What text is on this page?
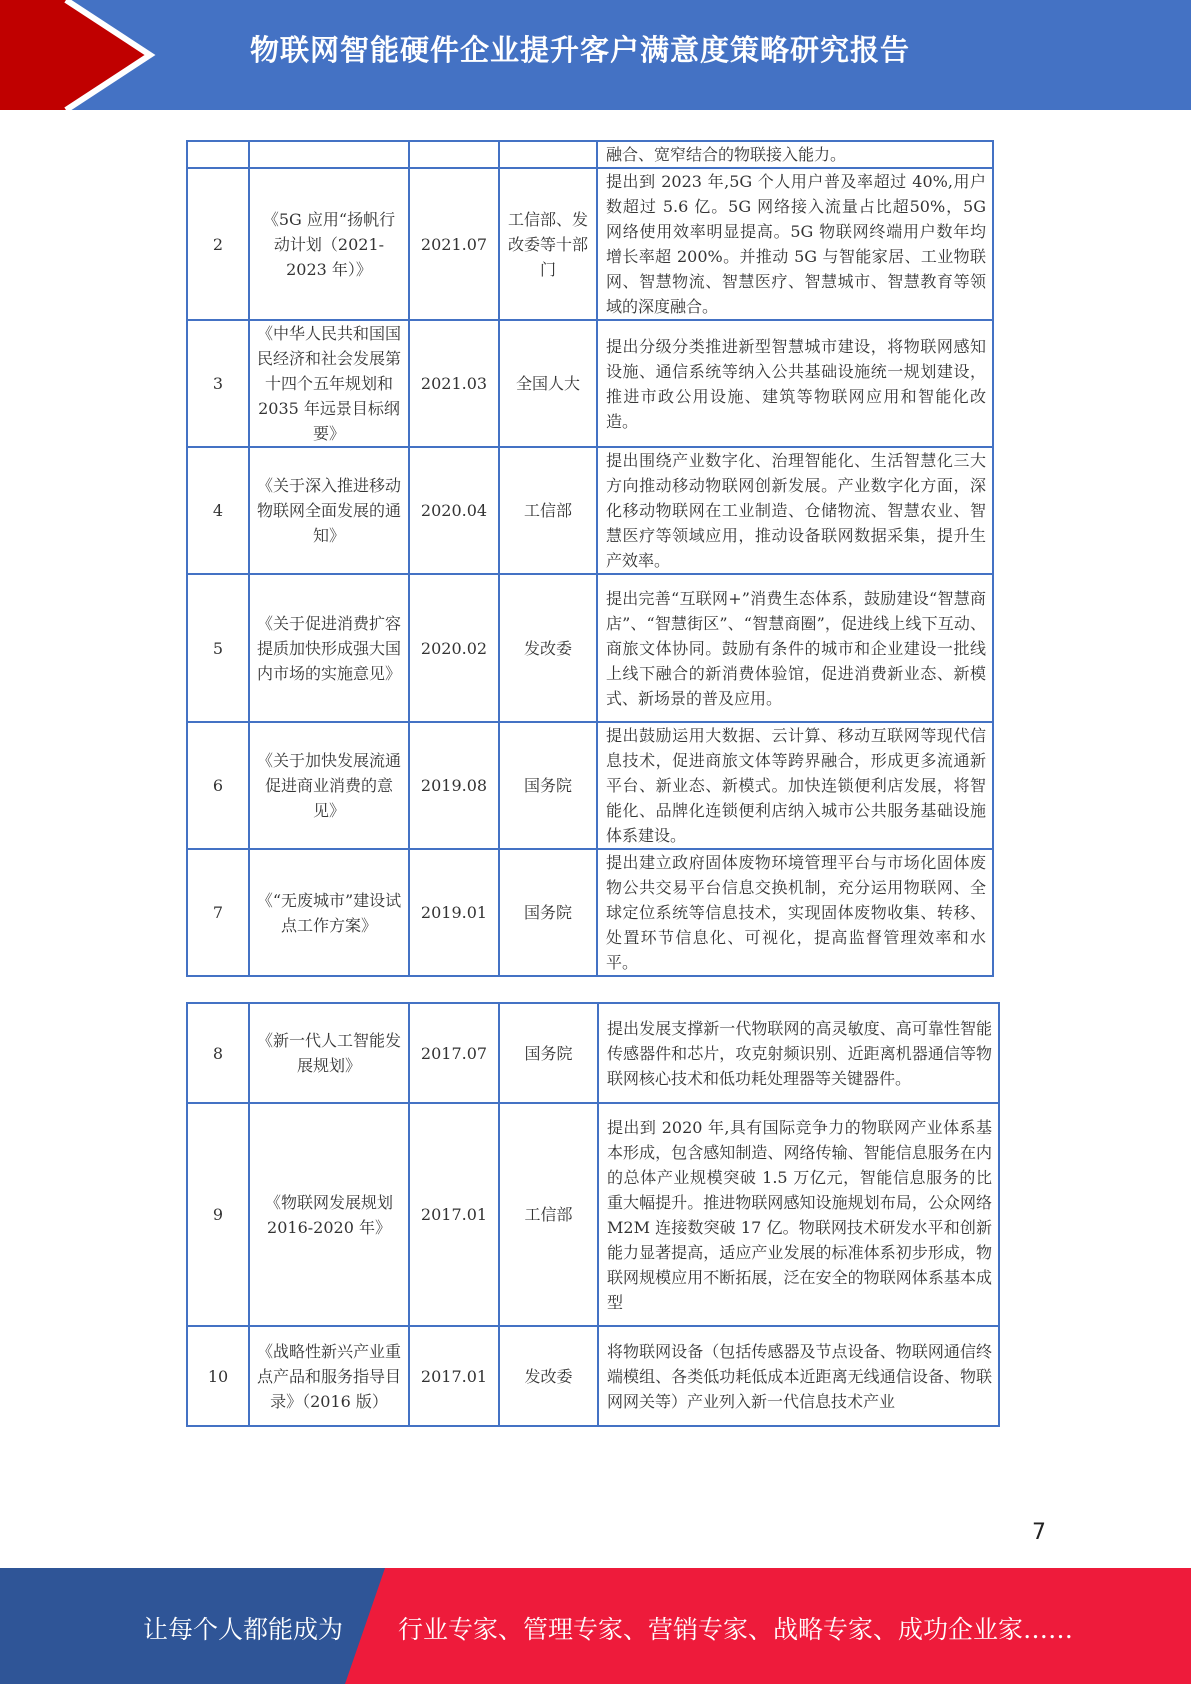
物联网智能硬件企业提升客户满意度策略研究报告
				融合、宽窄结合的物联接入能力。
2	《5G 应用“扬帆行动计划（2021-2023 年）》	2021.07	工信部、发改委等十部门	提出到 2023 年,5G 个人用户普及率超过 40%,用户数超过 5.6 亿。5G 网络接入流量占比超50%，5G 网络使用效率明显提高。5G 物联网终端用户数年均增长率超 200%。并推动 5G 与智能家居、工业物联网、智慧物流、智慧医疗、智慧城市、智慧教育等领域的深度融合。
3	《中华人民共和国国民经济和社会发展第十四个五年规划和 2035 年远景目标纲要》	2021.03	全国人大	提出分级分类推进新型智慧城市建设，将物联网感知设施、通信系统等纳入公共基础设施统一规划建设，推进市政公用设施、建筑等物联网应用和智能化改造。
4	《关于深入推进移动物联网全面发展的通知》	2020.04	工信部	提出围绕产业数字化、治理智能化、生活智慧化三大方向推动移动物联网创新发展。产业数字化方面，深化移动物联网在工业制造、仓储物流、智慧农业、智慧医疗等领域应用，推动设备联网数据采集，提升生产效率。
5	《关于促进消费扩容提质加快形成强大国内市场的实施意见》	2020.02	发改委	提出完善“互联网+”消费生态体系，鼓励建设“智慧商店”、“智慧街区”、“智慧商圈”，促进线上线下互动、商旅文体协同。鼓励有条件的城市和企业建设一批线上线下融合的新消费体验馆，促进消费新业态、新模式、新场景的普及应用。
6	《关于加快发展流通促进商业消费的意见》	2019.08	国务院	提出鼓励运用大数据、云计算、移动互联网等现代信息技术，促进商旅文体等跨界融合，形成更多流通新平台、新业态、新模式。加快连锁便利店发展，将智能化、品牌化连锁便利店纳入城市公共服务基础设施体系建设。
7	《“无废城市”建设试点工作方案》	2019.01	国务院	提出建立政府固体废物环境管理平台与市场化固体废物公共交易平台信息交换机制，充分运用物联网、全球定位系统等信息技术，实现固体废物收集、转移、处置环节信息化、可视化，提高监督管理效率和水平。
8	《新一代人工智能发展规划》	2017.07	国务院	提出发展支撑新一代物联网的高灵敏度、高可靠性智能传感器件和芯片，攻克射频识别、近距离机器通信等物联网核心技术和低功耗处理器等关键器件。
9	《物联网发展规划 2016-2020 年》	2017.01	工信部	提出到 2020 年,具有国际竞争力的物联网产业体系基本形成，包含感知制造、网络传输、智能信息服务在内的总体产业规模突破 1.5 万亿元，智能信息服务的比重大幅提升。推进物联网感知设施规划布局，公众网络 M2M 连接数突破 17 亿。物联网技术研发水平和创新能力显著提高，适应产业发展的标准体系初步形成，物联网规模应用不断拓展，泛在安全的物联网体系基本成型
10	《战略性新兴产业重点产品和服务指导目录》（2016 版）	2017.01	发改委	将物联网设备（包括传感器及节点设备、物联网通信终端模组、各类低功耗低成本近距离无线通信设备、物联网网关等）产业列入新一代信息技术产业
7
让每个人都能成为 行业专家、管理专家、营销专家、战略专家、成功企业家……
